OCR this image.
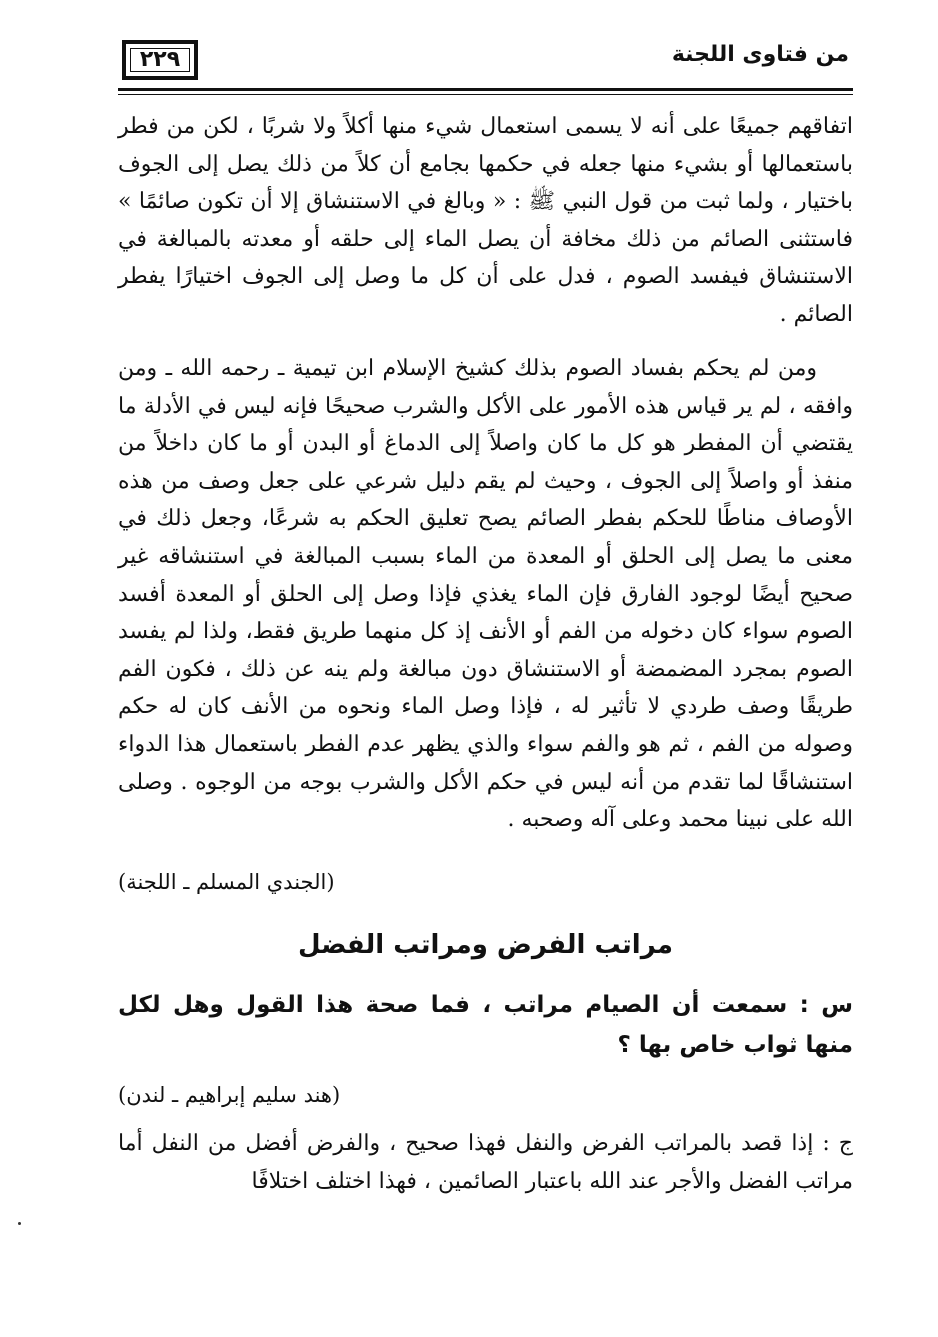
٢٢٩	من فتاوى اللجنة
اتفاقهم جميعًا على أنه لا يسمى استعمال شيء منها أكلاً ولا شربًا ، لكن من فطر باستعمالها أو بشيء منها جعله في حكمها بجامع أن كلاً من ذلك يصل إلى الجوف باختيار ، ولما ثبت من قول النبي ﷺ : « وبالغ في الاستنشاق إلا أن تكون صائمًا » فاستثنى الصائم من ذلك مخافة أن يصل الماء إلى حلقه أو معدته بالمبالغة في الاستنشاق فيفسد الصوم ، فدل على أن كل ما وصل إلى الجوف اختيارًا يفطر الصائم .
ومن لم يحكم بفساد الصوم بذلك كشيخ الإسلام ابن تيمية ـ رحمه الله ـ ومن وافقه ، لم ير قياس هذه الأمور على الأكل والشرب صحيحًا فإنه ليس في الأدلة ما يقتضي أن المفطر هو كل ما كان واصلاً إلى الدماغ أو البدن أو ما كان داخلاً من منفذ أو واصلاً إلى الجوف ، وحيث لم يقم دليل شرعي على جعل وصف من هذه الأوصاف مناطًا للحكم بفطر الصائم يصح تعليق الحكم به شرعًا، وجعل ذلك في معنى ما يصل إلى الحلق أو المعدة من الماء بسبب المبالغة في استنشاقه غير صحيح أيضًا لوجود الفارق فإن الماء يغذي فإذا وصل إلى الحلق أو المعدة أفسد الصوم سواء كان دخوله من الفم أو الأنف إذ كل منهما طريق فقط، ولذا لم يفسد الصوم بمجرد المضمضة أو الاستنشاق دون مبالغة ولم ينه عن ذلك ، فكون الفم طريقًا وصف طردي لا تأثير له ، فإذا وصل الماء ونحوه من الأنف كان له حكم وصوله من الفم ، ثم هو والفم سواء والذي يظهر عدم الفطر باستعمال هذا الدواء استنشاقًا لما تقدم من أنه ليس في حكم الأكل والشرب بوجه من الوجوه . وصلى الله على نبينا محمد وعلى آله وصحبه .
(الجندي المسلم ـ اللجنة)
مراتب الفرض ومراتب الفضل
س : سمعت أن الصيام مراتب ، فما صحة هذا القول وهل لكل منها ثواب خاص بها ؟
(هند سليم إبراهيم ـ لندن)
ج : إذا قصد بالمراتب الفرض والنفل فهذا صحيح ، والفرض أفضل من النفل أما مراتب الفضل والأجر عند الله باعتبار الصائمين ، فهذا اختلف اختلافًا
